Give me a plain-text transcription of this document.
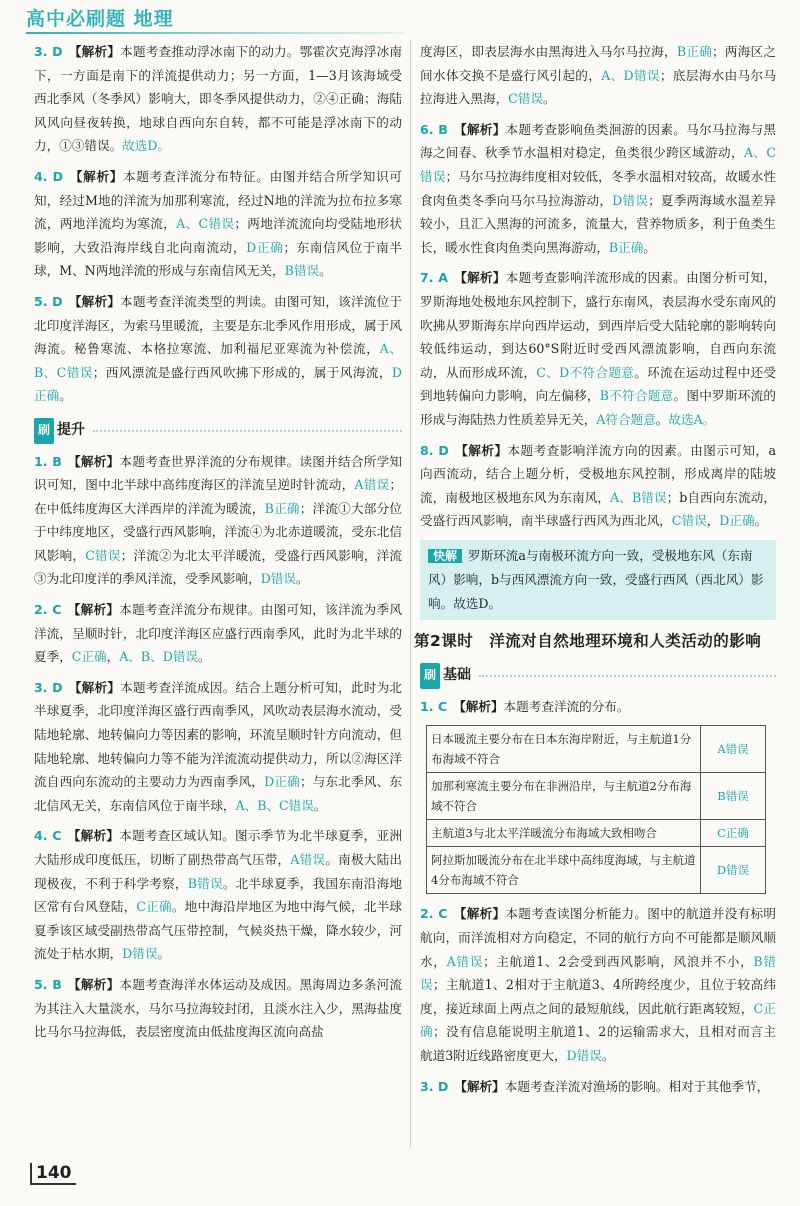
高中必刷题 地理
3. D 【解析】本题考查推动浮冰南下的动力。鄂霍次克海浮冰南下，一方面是南下的洋流提供动力；另一方面，1—3月该海域受西北季风（冬季风）影响大，即冬季风提供动力，②④正确；海陆风风向昼夜转换，地球自西向东自转，都不可能是浮冰南下的动力，①③错误。故选D。
4. D 【解析】本题考查洋流分布特征。由图并结合所学知识可知，经过M地的洋流为加那利寒流，经过N地的洋流为拉布拉多寒流，两地洋流均为寒流，A、C错误；两地洋流流向均受陆地形状影响，大致沿海岸线自北向南流动，D正确；东南信风位于南半球，M、N两地洋流的形成与东南信风无关，B错误。
5. D 【解析】本题考查洋流类型的判读。由图可知，该洋流位于北印度洋海区，为索马里暖流，主要是东北季风作用形成，属于风海流。秘鲁寒流、本格拉寒流、加利福尼亚寒流为补偿流，A、B、C错误；西风漂流是盛行西风吹拂下形成的，属于风海流，D正确。
刷 提升
1. B 【解析】本题考查世界洋流的分布规律。读图并结合所学知识可知，图中北半球中高纬度海区的洋流呈逆时针流动，A错误；在中低纬度海区大洋西岸的洋流为暖流，B正确；洋流①大部分位于中纬度地区，受盛行西风影响，洋流④为北赤道暖流，受东北信风影响，C错误；洋流②为北太平洋暖流，受盛行西风影响，洋流③为北印度洋的季风洋流，受季风影响，D错误。
2. C 【解析】本题考查洋流分布规律。由图可知，该洋流为季风洋流，呈顺时针，北印度洋海区应盛行西南季风，此时为北半球的夏季，C正确，A、B、D错误。
3. D 【解析】本题考查洋流成因。结合上题分析可知，此时为北半球夏季，北印度洋海区盛行西南季风，风吹动表层海水流动，受陆地轮廓、地转偏向力等因素的影响，环流呈顺时针方向流动，但陆地轮廓、地转偏向力等不能为洋流流动提供动力，所以②海区洋流自西向东流动的主要动力为西南季风，D正确；与东北季风、东北信风无关，东南信风位于南半球，A、B、C错误。
4. C 【解析】本题考查区域认知。图示季节为北半球夏季，亚洲大陆形成印度低压，切断了副热带高气压带，A错误。南极大陆出现极夜，不利于科学考察，B错误。北半球夏季，我国东南沿海地区常有台风登陆，C正确。地中海沿岸地区为地中海气候，北半球夏季该区域受副热带高气压带控制，气候炎热干燥，降水较少，河流处于枯水期，D错误。
5. B 【解析】本题考查海洋水体运动及成因。黑海周边多条河流为其注入大量淡水，马尔马拉海较封闭，且淡水注入少，黑海盐度比马尔马拉海低，表层密度流由低盐度海区流向高盐
度海区，即表层海水由黑海进入马尔马拉海，B正确；两海区之间水体交换不是盛行风引起的，A、D错误；底层海水由马尔马拉海进入黑海，C错误。
6. B 【解析】本题考查影响鱼类洄游的因素。马尔马拉海与黑海之间春、秋季节水温相对稳定，鱼类很少跨区域游动，A、C错误；马尔马拉海纬度相对较低，冬季水温相对较高，故暖水性食肉鱼类冬季向马尔马拉海游动，D错误；夏季两海域水温差异较小，且汇入黑海的河流多，流量大，营养物质多，利于鱼类生长，暖水性食肉鱼类向黑海游动，B正确。
7. A 【解析】本题考查影响洋流形成的因素。由图分析可知，罗斯海地处极地东风控制下，盛行东南风，表层海水受东南风的吹拂从罗斯海东岸向西岸运动，到西岸后受大陆轮廓的影响转向较低纬运动，到达60°S附近时受西风漂流影响，自西向东流动，从而形成环流，C、D不符合题意。环流在运动过程中还受到地转偏向力影响，向左偏移，B不符合题意。图中罗斯环流的形成与海陆热力性质差异无关，A符合题意。故选A。
8. D 【解析】本题考查影响洋流方向的因素。由图示可知，a向西流动，结合上题分析，受极地东风控制，形成离岸的陆坡流，南极地区极地东风为东南风，A、B错误；b自西向东流动，受盛行西风影响，南半球盛行西风为西北风，C错误，D正确。
快解 罗斯环流a与南极环流方向一致，受极地东风（东南风）影响，b与西风漂流方向一致，受盛行西风（西北风）影响。故选D。
第2课时　洋流对自然地理环境和人类活动的影响
刷 基础
1. C 【解析】本题考查洋流的分布。
日本暖流主要分布在日本东海岸附近，与主航道1分布海域不符合	A错误
加那利寒流主要分布在非洲沿岸，与主航道2分布海域不符合	B错误
主航道3与北太平洋暖流分布海域大致相吻合	C正确
阿拉斯加暖流分布在北半球中高纬度海域，与主航道4分布海域不符合	D错误
2. C 【解析】本题考查读图分析能力。图中的航道并没有标明航向，而洋流相对方向稳定，不同的航行方向不可能都是顺风顺水，A错误；主航道1、2会受到西风影响，风浪并不小，B错误；主航道1、2相对于主航道3、4所跨经度少，且位于较高纬度，接近球面上两点之间的最短航线，因此航行距离较短，C正确；没有信息能说明主航道1、2的运输需求大，且相对而言主航道3附近线路密度更大，D错误。
3. D 【解析】本题考查洋流对渔场的影响。相对于其他季节，
140
